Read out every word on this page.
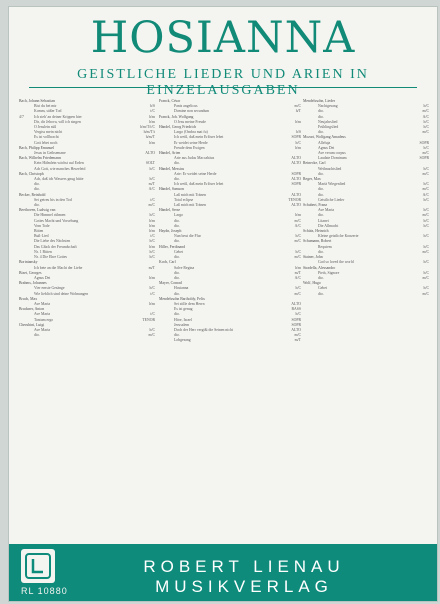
HOSIANNA
GEISTLICHE LIEDER UND ARIEN IN EINZELAUSGABEN
Bach, Johann Sebastian
Bist du bei mir	h/S
Komm, süßer Tod	t/C
4/7	Ich steh' an deiner Krippen hier	h/m
Dir, dir Jehova, will ich singen	h/m
O Jesulein süß	h/m/T/t/C
Vergiss mein nicht	h/m/T/t
Es ist vollbracht	h/m/T
Gott lebet noch	h/m
Bach, Philipp Emanuel
Jesus in Gethsemane	ALTO
Bach, Wilhelm Friedemann
Kein Hälmlein wächst auf Erden	SOLT
Ach Gott, wie manches Herzeleid	h/C
Bach, Christoph
Ach, daß ich Wassers gnug hätte	h/C
dto.	m/T
dto.	A/C
Becker, Reinhold
Sei getreu bis in den Tod	t/C
dto.	m/C
Beethoven, Ludwig van
Die Himmel rühmen	h/C
Gottes Macht und Vorsehung	h/m
Vom Tode	h/m
Bitten	h/m
Buß-Lied	t/C
Die Liebe des Nächsten	h/C
Das Glück der Freundschaft	h/m
Nr. 1 Bitten	h/C
Nr. 4 Die Ehre Gottes	h/C
Bortniansky
Ich bete an die Macht der Liebe	m/T
Bizet, Georges
Agnus Dei	h/m
Brahms, Johannes
Vier ernste Gesänge	h/C
Wie lieblich sind deine Wohnungen	t/C
Bruch, Max
Ave Maria	h/m
Bruckner, Anton
Ave Maria	t/C
Tantum ergo	TENOR
Cherubini, Luigi
Ave Maria	h/C
dto.	m/C
Franck, César
Panis angelicus	m/C
Domine non secundum	h/T
Franck, Joh. Wolfgang
O Jesu meine Freude	h/m
Händel, Georg Friedrich
Largo (Ombra mai fu)	h/S
Ich weiß, daß mein Erlöser lebet	SOPR
Er weidet seine Herde	h/C
Freude dem Ewigen	h/m
Händel, Arien
Arie aus Judas Maccabäus	ALTO
dto.	ALTO
Händel, Messias
Arie: Er weidet seine Herde	SOPR
dto.	ALTO
Ich weiß, daß mein Erlöser lebet	SOPR
Händel, Samson
Laß mich mit Tränen	ALTO
Total eclipse	TENOR
Laß mich mit Tränen	ALTO
Händel, Serse
Largo	h/m
dto.	m/C
dto.	A/C
Haydn, Joseph
Nun beut die Flur	h/C
dto.	m/C
Hiller, Ferdinand
Gebet	h/C
dto.	m/C
Koch, Carl
Salve Regina	h/m
dto.	m/T
dto.	A/C
Mayer, Conrad
Hosianna	h/C
dto.	m/C
Mendelssohn Bartholdy, Felix
Sei stille dem Herrn	ALTO
Es ist genug	BASS
dto.	h/C
Höre, Israel	SOPR
Jerusalem	SOPR
Doch der Herr vergißt die Seinen nicht	ALTO
dto.	m/C
Lobgesang	m/T
Mendelssohn, Lieder
Nachtgesang	h/C
dto.	m/C
dto.	A/C
Neujahrslied	h/C
Frühlingslied	h/C
dto.	m/C
Mozart, Wolfgang Amadeus
Alleluja	SOPR
Agnus Dei	h/C
Ave verum corpus	m/C
Laudate Dominum	SOPR
Reinecke, Carl
Weihnachtslied	h/C
dto.	m/C
Reger, Max
Mariä Wiegenlied	h/C
dto.	m/C
dto.	A/C
Geistliche Lieder	h/C
Schubert, Franz
Ave Maria	h/C
dto.	m/C
Litanei	h/C
Die Allmacht	h/C
Schütz, Heinrich
Kleine geistliche Konzerte	h/C
Schumann, Robert
Requiem	h/C
dto.	m/C
Stainer, John
God so loved the world	h/C
Stradella, Alessandro
Pietà, Signore	h/C
dto.	m/C
Wolf, Hugo
Gebet	h/C
dto.	m/C
ROBERT LIENAU MUSIKVERLAG
RL 10880
